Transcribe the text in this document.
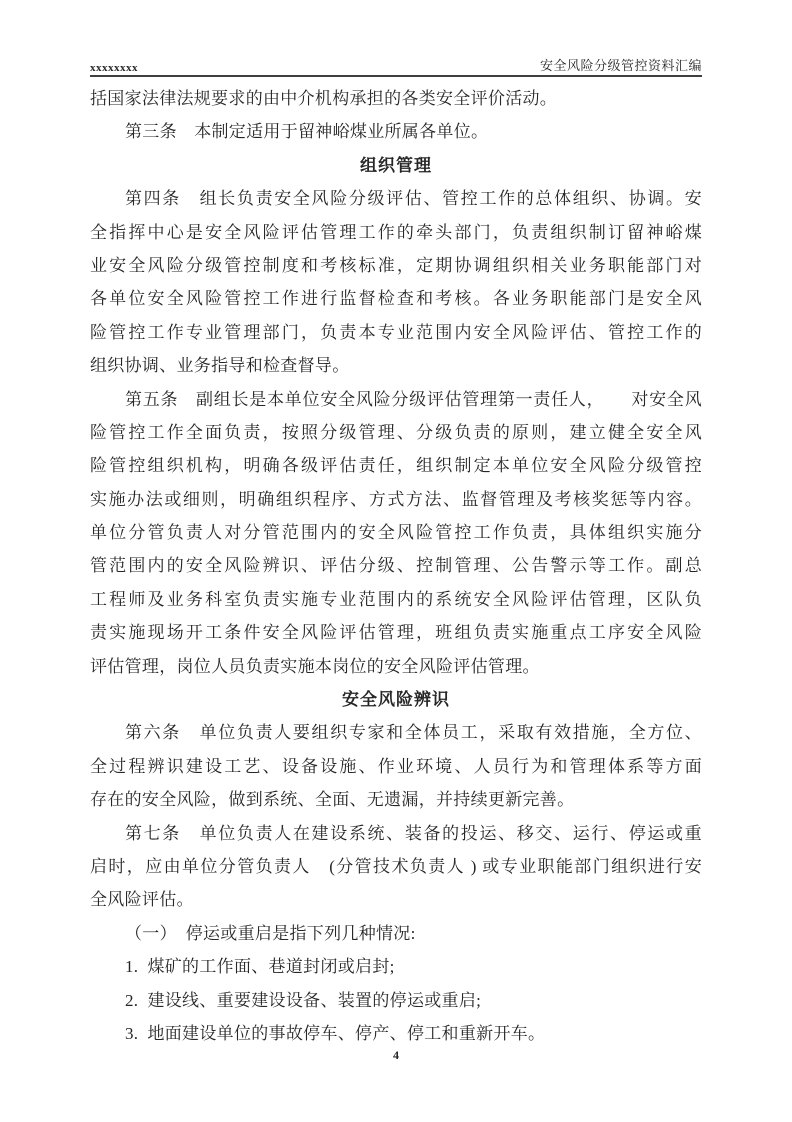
xxxxxxxx	安全风险分级管控资料汇编
括国家法律法规要求的由中介机构承担的各类安全评价活动。
第三条　本制定适用于留神峪煤业所属各单位。
组织管理
第四条　组长负责安全风险分级评估、管控工作的总体组织、协调。安
全指挥中心是安全风险评估管理工作的牵头部门，负责组织制订留神峪煤
业安全风险分级管控制度和考核标准，定期协调组织相关业务职能部门对
各单位安全风险管控工作进行监督检查和考核。各业务职能部门是安全风
险管控工作专业管理部门，负责本专业范围内安全风险评估、管控工作的
组织协调、业务指导和检查督导。
第五条　副组长是本单位安全风险分级评估管理第一责任人，　　对安全风
险管控工作全面负责，按照分级管理、分级负责的原则，建立健全安全风
险管控组织机构，明确各级评估责任，组织制定本单位安全风险分级管控
实施办法或细则，明确组织程序、方式方法、监督管理及考核奖惩等内容。
单位分管负责人对分管范围内的安全风险管控工作负责，具体组织实施分
管范围内的安全风险辨识、评估分级、控制管理、公告警示等工作。副总
工程师及业务科室负责实施专业范围内的系统安全风险评估管理，区队负
责实施现场开工条件安全风险评估管理，班组负责实施重点工序安全风险
评估管理，岗位人员负责实施本岗位的安全风险评估管理。
安全风险辨识
第六条　单位负责人要组织专家和全体员工，采取有效措施，全方位、
全过程辨识建设工艺、设备设施、作业环境、人员行为和管理体系等方面
存在的安全风险，做到系统、全面、无遗漏，并持续更新完善。
第七条　单位负责人在建设系统、装备的投运、移交、运行、停运或重
启时，应由单位分管负责人　(分管技术负责人 ) 或专业职能部门组织进行安
全风险评估。
（一）　停运或重启是指下列几种情况:
1.  煤矿的工作面、巷道封闭或启封;
2.  建设线、重要建设设备、装置的停运或重启;
3.  地面建设单位的事故停车、停产、停工和重新开车。
4
